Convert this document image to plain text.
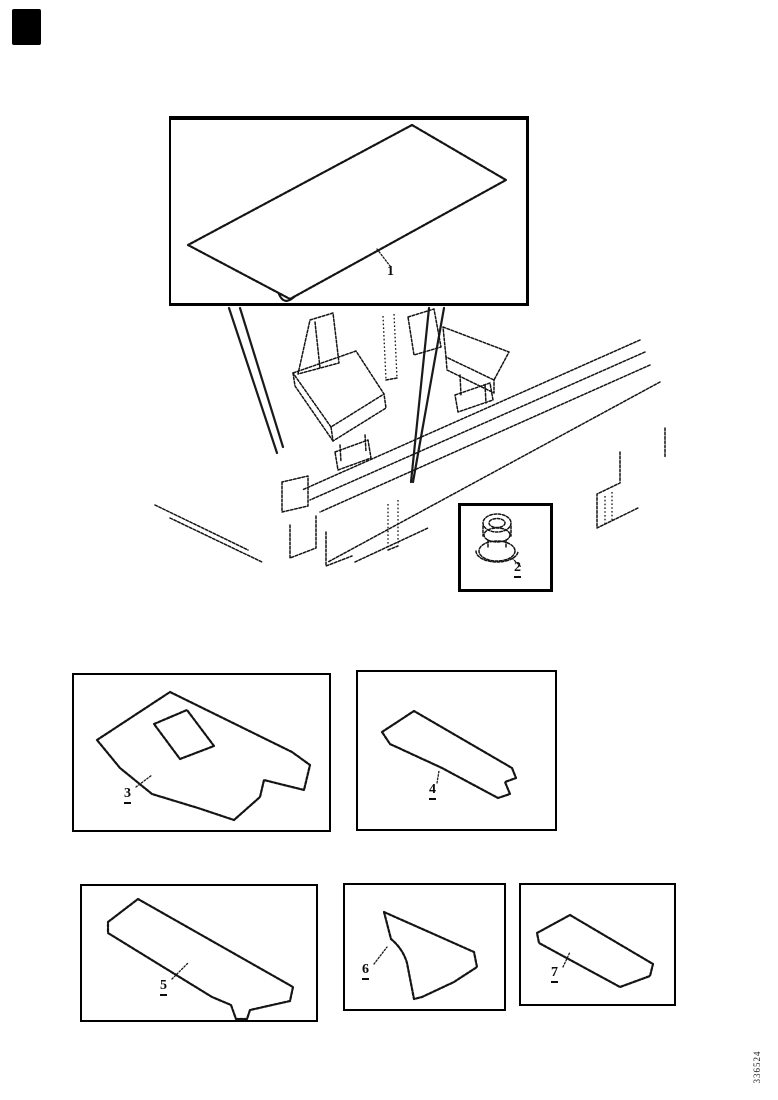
1
2
3	4
5
6	7
336524
